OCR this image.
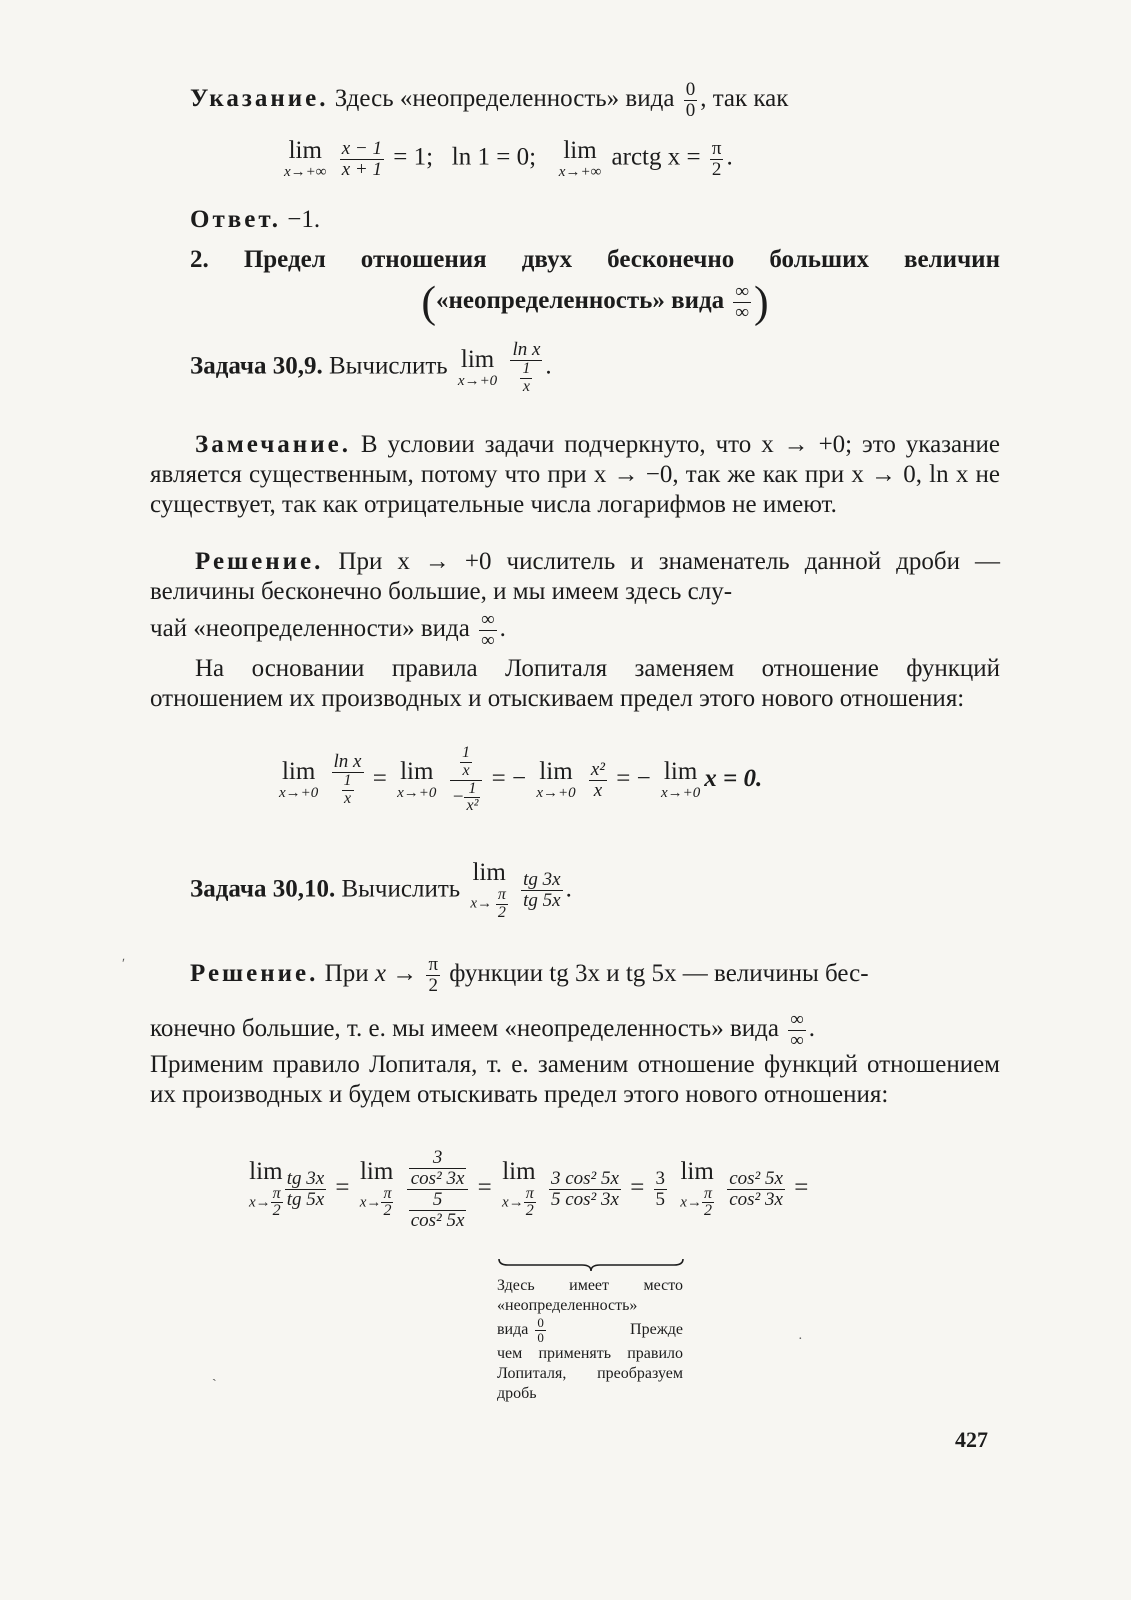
Указание. Здесь «неопределенность» вида $\frac{0}{0}$ , так как
lim
x→+∞
$\frac{x - 1}{x + 1} = 1$; ln 1 = 0; lim
x→+∞
arctg $x = \frac{\pi}{2}$ .
Ответ. −1.
2. Предел отношения двух бесконечно больших величин
(«неопределенность» вида $\frac{\infty}{\infty}$ )
Задача 30,9. Вычислить lim
x→+0
$\frac{\text{ln x}}{\frac{1}{x}}$ .
Замечание. В условии задачи подчеркнуто, что x → +0; это указание является существенным, потому что при x → −0, так же как при x → 0, ln x не существует, так как отрицательные числа логарифмов не имеют.
Решение. При x → +0 числитель и знаменатель данной дроби — величины бесконечно большие, и мы имеем здесь слу-
чай «неопределенности» вида $\frac{\infty}{\infty}$ .
На основании правила Лопиталя заменяем отношение функций отношением их производных и отыскиваем предел этого нового отношения:
lim
x→+0
$\frac{\text{ln x}}{\frac{1}{x}} = \lim$
x→+0
$\frac{\frac{1}{x}}{- \frac{1}{\text{x²}}}$ = − lim
x→+0
$\frac{\text{x²}}{x}$ = − lim
x→+0
x = 0.
Задача 30,10. Вычислить
lim
$x\to \frac{\pi}{2}$
$\frac{tg 3x}{tg 5x}$ .
Решение. При $x \to \frac{\pi}{2}$ функции tg 3x и tg 5x — величины бес-
конечно большие, т. е. мы имеем «неопределенность» вида $\frac{\infty}{\infty}$ .
Применим правило Лопиталя, т. е. заменим отношение функций отношением их производных и будем отыскивать предел этого нового отношения:
lim
$x\to \frac{\pi}{2} \frac{tg 3x}{tg 5x}$ =
lim
$x\to \frac{\pi}{2}$
$\frac{\frac{3}{\text{cos² 3x}}}{\frac{5}{\text{cos² 5x}}}$ =
lim
$x\to \frac{\pi}{2}$
$\frac{\text{3 cos² 5x}}{\text{5 cos² 3x}} = \frac{3}{5}$
lim
$x\to \frac{\pi}{2}$
$\frac{\text{cos² 5x}}{\text{cos² 3x}}$ =
Здесь имеет место
«неопределенность»
вида $\frac{0}{0}$	Прежде
чем применять правило Лопиталя, преобразуем дробь
427
ʹ
ˏ
·
